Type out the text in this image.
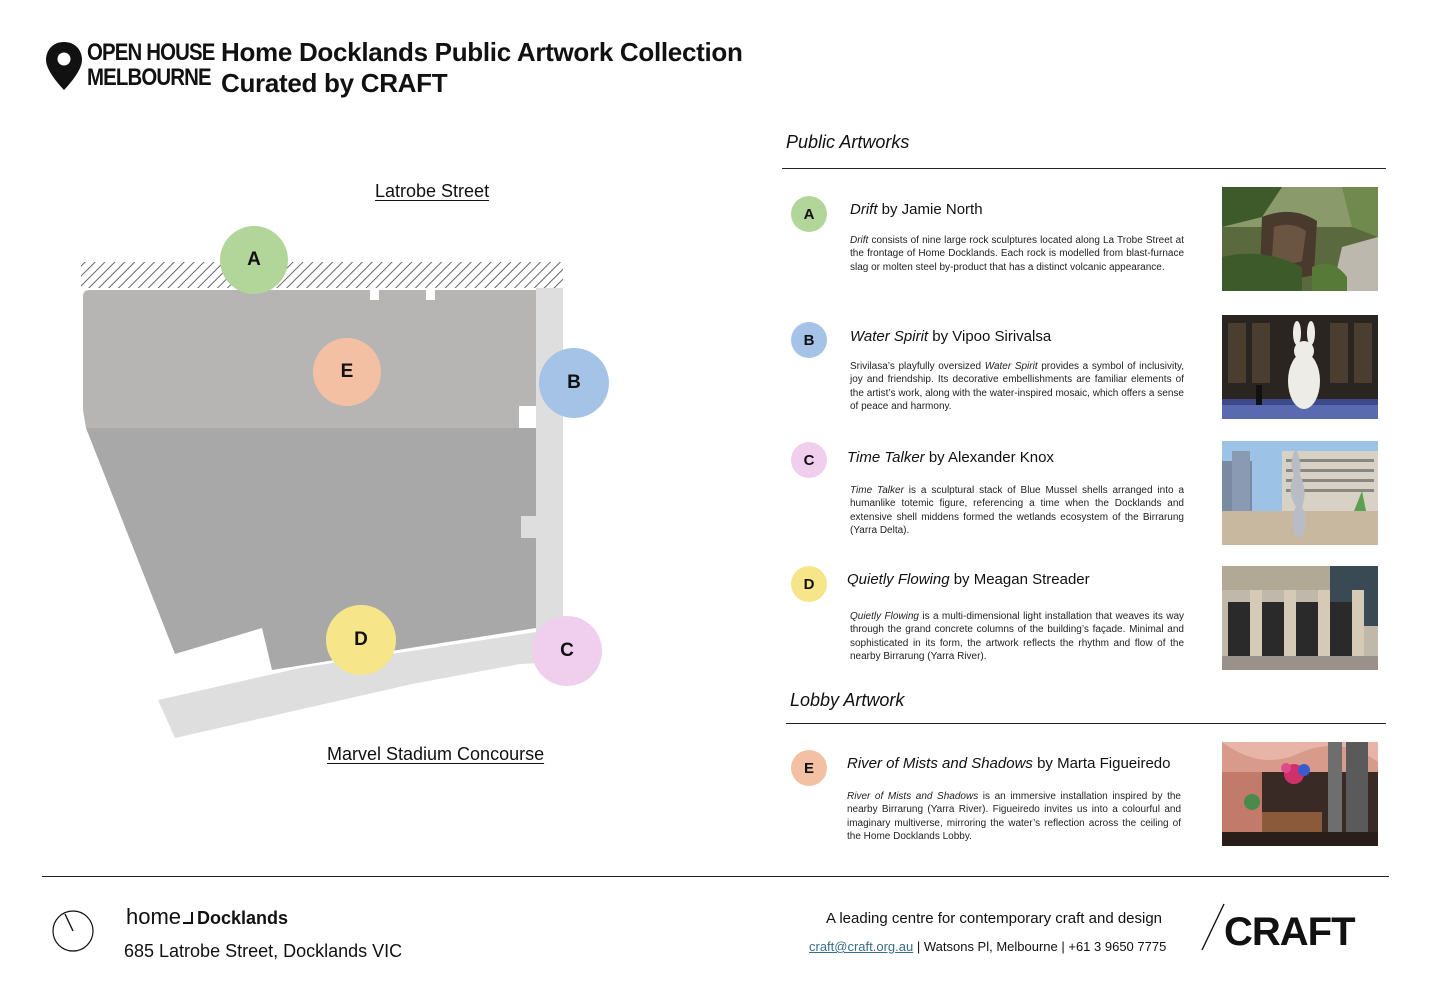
OPEN HOUSE
MELBOURNE
Home Docklands Public Artwork Collection
Curated by CRAFT
Latrobe Street
Marvel Stadium Concourse
A
B
C
D
E
Public Artworks
A	Drift by Jamie North
Drift consists of nine large rock sculptures located along La Trobe Street at the frontage of Home Docklands. Each rock is modelled from blast-furnace slag or molten steel by-product that has a distinct volcanic appearance.
B	Water Spirit by Vipoo Sirivalsa
Srivilasa’s playfully oversized Water Spirit provides a symbol of inclusivity, joy and friendship. Its decorative embellishments are familiar elements of the artist’s work, along with the water-inspired mosaic, which offers a sense of peace and harmony.
C	Time Talker by Alexander Knox
Time Talker is a sculptural stack of Blue Mussel shells arranged into a humanlike totemic figure, referencing a time when the Docklands and extensive shell middens formed the wetlands ecosystem of the Birrarung (Yarra Delta).
D	Quietly Flowing by Meagan Streader
Quietly Flowing is a multi-dimensional light installation that weaves its way through the grand concrete columns of the building’s façade. Minimal and sophisticated in its form, the artwork reflects the rhythm and flow of the nearby Birrarung (Yarra River).
Lobby Artwork
E	River of Mists and Shadows by Marta Figueiredo
River of Mists and Shadows is an immersive installation inspired by the nearby Birrarung (Yarra River). Figueiredo invites us into a colourful and imaginary multiverse, mirroring the water’s reflection across the ceiling of the Home Docklands Lobby.
home Docklands
685 Latrobe Street, Docklands VIC
A leading centre for contemporary craft and design
craft@craft.org.au | Watsons Pl, Melbourne | +61 3 9650 7775 CRAFT
